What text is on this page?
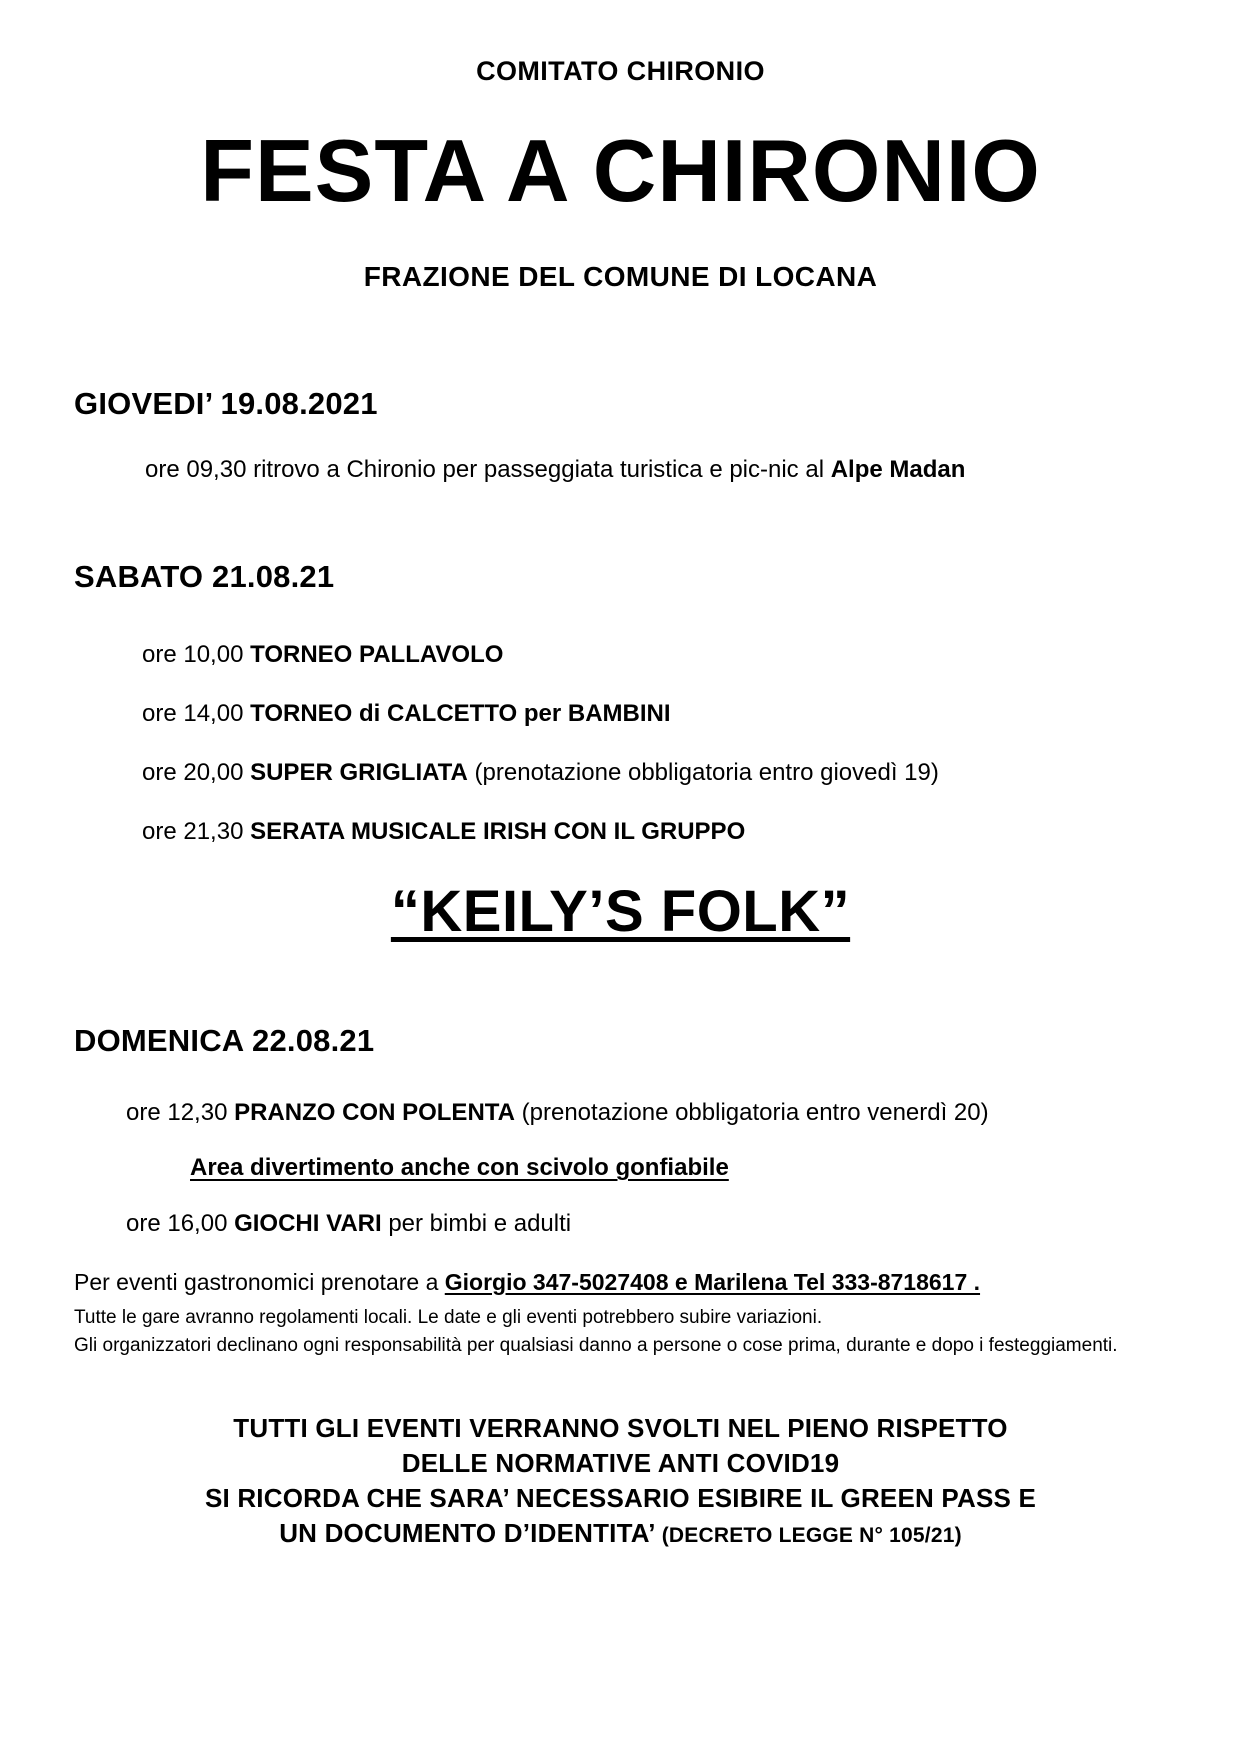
COMITATO CHIRONIO
FESTA A CHIRONIO
FRAZIONE DEL COMUNE DI LOCANA
GIOVEDI’ 19.08.2021
ore 09,30 ritrovo a Chironio per passeggiata turistica e pic-nic al Alpe Madan
SABATO 21.08.21
ore 10,00 TORNEO PALLAVOLO
ore 14,00 TORNEO di CALCETTO per BAMBINI
ore 20,00 SUPER GRIGLIATA (prenotazione obbligatoria entro giovedì 19)
ore 21,30 SERATA MUSICALE IRISH CON IL GRUPPO
“KEILY’S FOLK”
DOMENICA 22.08.21
ore 12,30 PRANZO CON POLENTA (prenotazione obbligatoria entro venerdì 20)
Area divertimento anche con scivolo gonfiabile
ore 16,00 GIOCHI VARI per bimbi e adulti
Per eventi gastronomici prenotare a Giorgio 347-5027408 e Marilena Tel 333-8718617 .
Tutte le gare avranno regolamenti locali. Le date e gli eventi potrebbero subire variazioni.
Gli organizzatori declinano ogni responsabilità per qualsiasi danno a persone o cose prima, durante e dopo i festeggiamenti.
TUTTI GLI EVENTI VERRANNO SVOLTI NEL PIENO RISPETTO
DELLE NORMATIVE ANTI COVID19
SI RICORDA CHE SARA’ NECESSARIO ESIBIRE IL GREEN PASS E
UN DOCUMENTO D’IDENTITA’ (DECRETO LEGGE N° 105/21)
